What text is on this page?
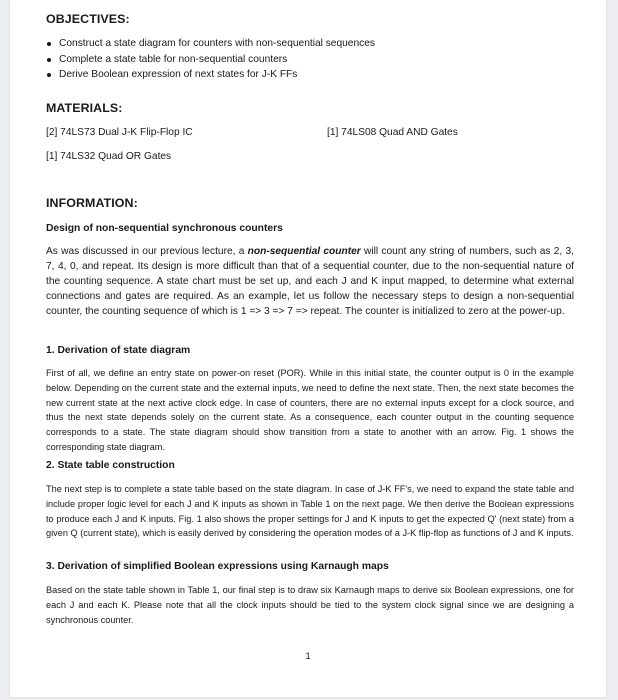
OBJECTIVES:
Construct a state diagram for counters with non-sequential sequences
Complete a state table for non-sequential counters
Derive Boolean expression of next states for J-K FFs
MATERIALS:
[2] 74LS73 Dual J-K Flip-Flop IC	[1] 74LS08 Quad AND Gates
[1] 74LS32 Quad OR Gates
INFORMATION:
Design of non-sequential synchronous counters

As was discussed in our previous lecture, a non-sequential counter will count any string of numbers, such as 2, 3, 7, 4, 0, and repeat. Its design is more difficult than that of a sequential counter, due to the non-sequential nature of the counting sequence. A state chart must be set up, and each J and K input mapped, to determine what external connections and gates are required. As an example, let us follow the necessary steps to design a non-sequential counter, the counting sequence of which is 1 => 3 => 7 => repeat. The counter is initialized to zero at the power-up.

1. Derivation of state diagram

First of all, we define an entry state on power-on reset (POR). While in this initial state, the counter output is 0 in the example below. Depending on the current state and the external inputs, we need to define the next state. Then, the next state becomes the new current state at the next active clock edge. In case of counters, there are no external inputs except for a clock source, and thus the next state depends solely on the current state. As a consequence, each counter output in the counting sequence corresponds to a state. The state diagram should show transition from a state to another with an arrow. Fig. 1 shows the corresponding state diagram.

2. State table construction

The next step is to complete a state table based on the state diagram. In case of J-K FF's, we need to expand the state table and include proper logic level for each J and K inputs as shown in Table 1 on the next page. We then derive the Boolean expressions to produce each J and K inputs. Fig. 1 also shows the proper settings for J and K inputs to get the expected Q' (next state) from a given Q (current state), which is easily derived by considering the operation modes of a J-K flip-flop as functions of J and K inputs.

3. Derivation of simplified Boolean expressions using Karnaugh maps

Based on the state table shown in Table 1, our final step is to draw six Karnaugh maps to derive six Boolean expressions, one for each J and each K. Please note that all the clock inputs should be tied to the system clock signal since we are designing a synchronous counter.

1
